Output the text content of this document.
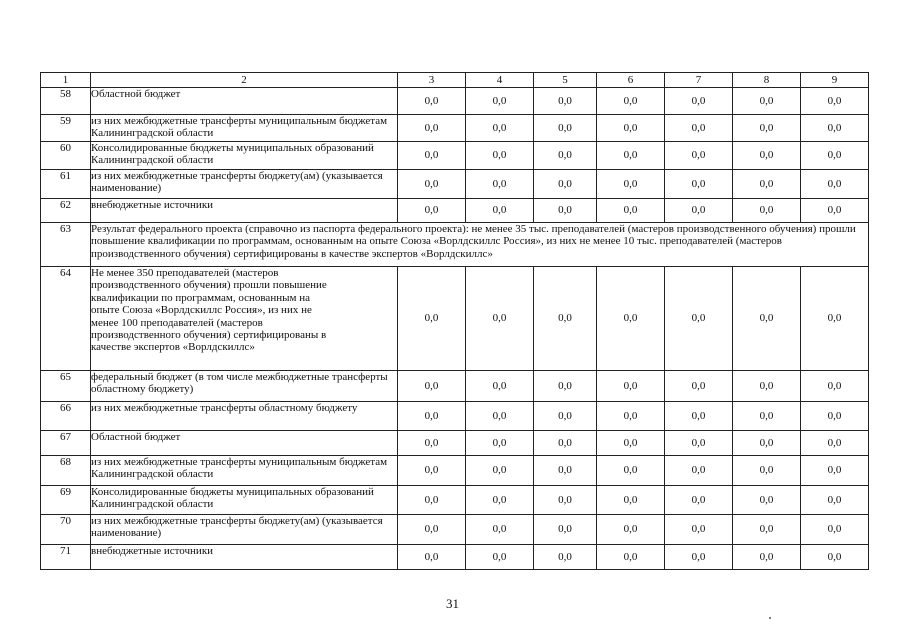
1	2	3	4	5	6	7	8	9
58	Областной бюджет	0,0	0,0	0,0	0,0	0,0	0,0	0,0
59	из них межбюджетные трансферты муниципальным бюджетам Калининградской области	0,0	0,0	0,0	0,0	0,0	0,0	0,0
60	Консолидированные бюджеты муниципальных образований Калининградской области	0,0	0,0	0,0	0,0	0,0	0,0	0,0
61	из них межбюджетные трансферты бюджету(ам) (указывается наименование)	0,0	0,0	0,0	0,0	0,0	0,0	0,0
62	внебюджетные источники	0,0	0,0	0,0	0,0	0,0	0,0	0,0
63	Результат федерального проекта (справочно из паспорта федерального проекта): не менее 35 тыс. преподавателей (мастеров производственного обучения) прошли повышение квалификации по программам, основанным на опыте Союза «Ворлдскиллс Россия», из них не менее 10 тыс. преподавателей (мастеров производственного обучения) сертифицированы в качестве экспертов «Ворлдскиллс»							
64	Не менее 350 преподавателей (мастеров производственного обучения) прошли повышение квалификации по программам, основанным на опыте Союза «Ворлдскиллс Россия», из них не менее 100 преподавателей (мастеров производственного обучения) сертифицированы в качестве экспертов «Ворлдскиллс»	0,0	0,0	0,0	0,0	0,0	0,0	0,0
65	федеральный бюджет (в том числе межбюджетные трансферты областному бюджету)	0,0	0,0	0,0	0,0	0,0	0,0	0,0
66	из них межбюджетные трансферты областному бюджету	0,0	0,0	0,0	0,0	0,0	0,0	0,0
67	Областной бюджет	0,0	0,0	0,0	0,0	0,0	0,0	0,0
68	из них межбюджетные трансферты муниципальным бюджетам Калининградской области	0,0	0,0	0,0	0,0	0,0	0,0	0,0
69	Консолидированные бюджеты муниципальных образований Калининградской области	0,0	0,0	0,0	0,0	0,0	0,0	0,0
70	из них межбюджетные трансферты бюджету(ам) (указывается наименование)	0,0	0,0	0,0	0,0	0,0	0,0	0,0
71	внебюджетные источники	0,0	0,0	0,0	0,0	0,0	0,0	0,0
31
